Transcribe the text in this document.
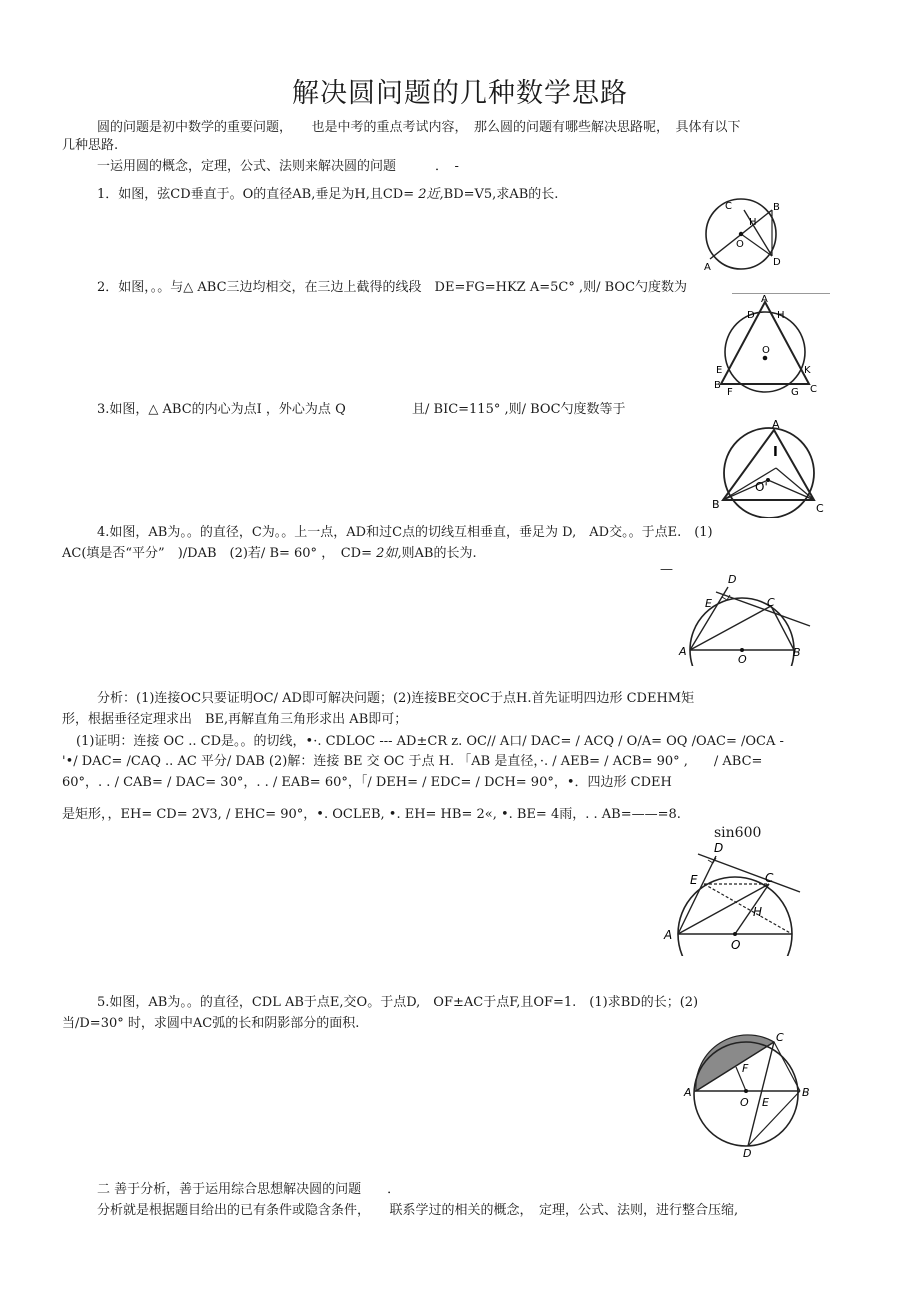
解决圆问题的几种数学思路
圆的问题是初中数学的重要问题，　　也是中考的重点考试内容，　那么圆的问题有哪些解决思路呢，　具体有以下
几种思路.
一运用圆的概念，定理，公式、法则来解决圆的问题　　　．　-
1．如图，弦CD垂直于。O的直径AB,垂足为H,且CD= 2近,BD=V5,求AB的长.
B
C
H
O
A	D
2．如图，。。与△ ABC三边均相交，在三边上截得的线段　DE=FG=HKZ A=5C° ,则/ BOC勺度数为
A
D H
O
E	K
B	C
F	G
3.如图，△ ABC的内心为点I ，外心为点 Q	且/ BIC=115° ,则/ BOC勺度数等于
A
I
O'
B	C
4.如图，AB为。。的直径，C为。。上一点，AD和过C点的切线互相垂直，垂足为 D,　AD交。。于点E.　(1)
AC(填是否“平分”　)/DAB　(2)若/ B= 60° ，　CD= 2如,则AB的长为.
—
D
E	C
A
O
B
分析：(1)连接OC只要证明OC/ AD即可解决问题；(2)连接BE交OC于点H.首先证明四边形 CDEHM矩
形，根据垂径定理求出　BE,再解直角三角形求出 AB即可；
(1)证明：连接 OC .. CD是。。的切线，•·. CDLOC --- AD±CR z. OC// A口/ DAC= / ACQ / O/A= OQ /OAC= /OCA -
'•/ DAC= /CAQ .. AC 平分/ DAB (2)解：连接 BE 交 OC 于点 H. 「AB 是直径，·. / AEB= / ACB= 90° ,　　/ ABC=
60°，. . / CAB= / DAC= 30°，. . / EAB= 60°，「/ DEH= / EDC= / DCH= 90°，•．四边形 CDEH
是矩形，，EH= CD= 2V3, / EHC= 90°，•. OCLEB, •. EH= HB= 2«, •. BE= 4雨，. . AB=——=8.
sin600
D
E	C
H
A
O
5.如图，AB为。。的直径，CDL AB于点E,交O。于点D,　OF±AC于点F,且OF=1.　(1)求BD的长；(2)
当/D=30° 时，求圆中AC弧的长和阴影部分的面积.
C
F
A
O E
B
D
二 善于分析，善于运用综合思想解决圆的问题　　．
分析就是根据题目给出的已有条件或隐含条件，　　联系学过的相关的概念，　定理，公式、法则，进行整合压缩,
